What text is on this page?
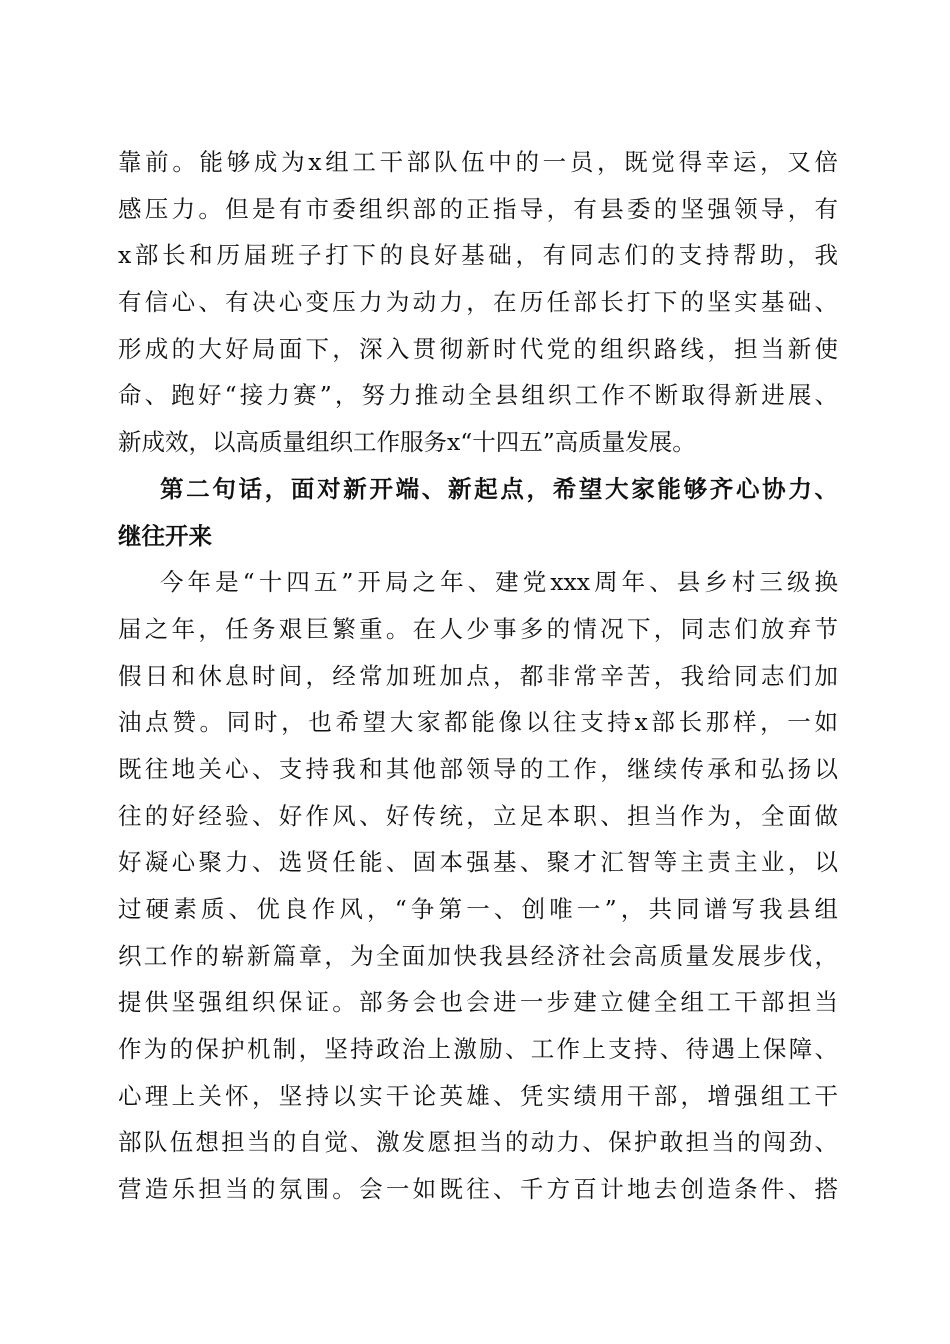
靠前。能够成为x组工干部队伍中的一员，既觉得幸运，又倍
感压力。但是有市委组织部的正指导，有县委的坚强领导，有
x部长和历届班子打下的良好基础，有同志们的支持帮助，我
有信心、有决心变压力为动力，在历任部长打下的坚实基础、
形成的大好局面下，深入贯彻新时代党的组织路线，担当新使
命、跑好“接力赛”，努力推动全县组织工作不断取得新进展、
新成效，以高质量组织工作服务x“十四五”高质量发展。
第二句话，面对新开端、新起点，希望大家能够齐心协力、
继往开来
今年是“十四五”开局之年、建党xxx周年、县乡村三级换
届之年，任务艰巨繁重。在人少事多的情况下，同志们放弃节
假日和休息时间，经常加班加点，都非常辛苦，我给同志们加
油点赞。同时，也希望大家都能像以往支持x部长那样，一如
既往地关心、支持我和其他部领导的工作，继续传承和弘扬以
往的好经验、好作风、好传统，立足本职、担当作为，全面做
好凝心聚力、选贤任能、固本强基、聚才汇智等主责主业，以
过硬素质、优良作风，“争第一、创唯一”，共同谱写我县组
织工作的崭新篇章，为全面加快我县经济社会高质量发展步伐，
提供坚强组织保证。部务会也会进一步建立健全组工干部担当
作为的保护机制，坚持政治上激励、工作上支持、待遇上保障、
心理上关怀，坚持以实干论英雄、凭实绩用干部，增强组工干
部队伍想担当的自觉、激发愿担当的动力、保护敢担当的闯劲、
营造乐担当的氛围。会一如既往、千方百计地去创造条件、搭
